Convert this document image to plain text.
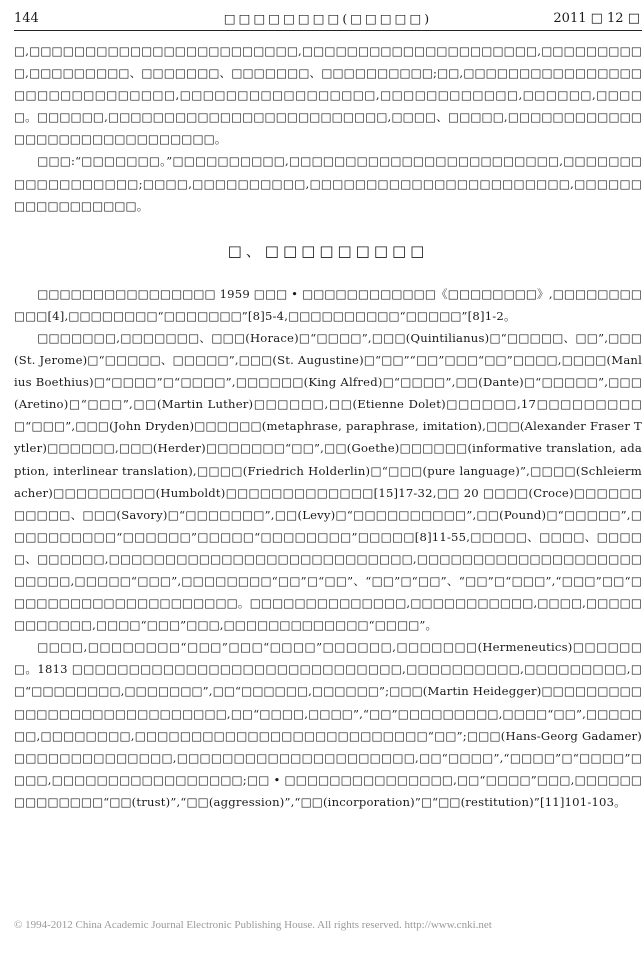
144	□□□□□□□□(□□□□□)	2011 □ 12 □

□,□□□□□□□□□□□□□□□□□□□□□□□□,□□□□□□□□□□□□□□□□□□□□□,□□□□□□□□□□,□□□□□□□□□、□□□□□□□、□□□□□□□、□□□□□□□□□□;□□,□□□□□□□□□□□□□□□□□□□□□□□□□□□□□□,□□□□□□□□□□□□□□□□□,□□□□□□□□□□□□,□□□□□□,□□□□□。□□□□□□,□□□□□□□□□□□□□□□□□□□□□□□□□,□□□□、□□□□□,□□□□□□□□□□□□□□□□□□□□□□□□□□□□□□。

□□□:“□□□□□□□。”□□□□□□□□□□,□□□□□□□□□□□□□□□□□□□□□□□□,□□□□□□□□□□□□□□□□□□;□□□□,□□□□□□□□□□,□□□□□□□□□□□□□□□□□□□□□□□,□□□□□□□□□□□□□□□□□。

□、□□□□□□□□□

□□□□□□□□□□□□□□□□ 1959 □□□ • □□□□□□□□□□□□《□□□□□□□□》,□□□□□□□□□□□[4],□□□□□□□□“□□□□□□□”[8]5-4,□□□□□□□□□□“□□□□□”[8]1-2。

□□□□□□□,□□□□□□□、□□□(Horace)□“□□□□”,□□□(Quintilianus)□“□□□□□、□□”,□□□(St. Jerome)□“□□□□□、□□□□□”,□□□(St. Augustine)□“□□”“□□”□□□“□□”□□□□,□□□□(Manlius Boethius)□“□□□□”□“□□□□”,□□□□□□(King Alfred)□“□□□□”,□□(Dante)□“□□□□□”,□□□(Aretino)□“□□□”,□□(Martin Luther)□□□□□□,□□(Etienne Dolet)□□□□□□,17□□□□□□□□□□“□□□”,□□□(John Dryden)□□□□□□(metaphrase, paraphrase, imitation),□□□(Alexander Fraser Tytler)□□□□□□,□□□(Herder)□□□□□□□“□□”,□□(Goethe)□□□□□□(informative translation, adaption, interlinear translation),□□□□(Friedrich Holderlin)□“□□□(pure language)”,□□□□(Schleiermacher)□□□□□□□□□(Humboldt)□□□□□□□□□□□□□[15]17-32,□□ 20 □□□□(Croce)□□□□□□□□□□□、□□□(Savory)□“□□□□□□□”,□□(Levy)□“□□□□□□□□□□”,□□(Pound)□“□□□□□”,□□□□□□□□□□“□□□□□□”□□□□□“□□□□□□□□”□□□□□[8]11-55,□□□□□、□□□□、□□□□□、□□□□□□,□□□□□□□□□□□□□□□□□□□□□□□□□□□,□□□□□□□□□□□□□□□□□□□□□□□□□,□□□□□“□□□”,□□□□□□□□“□□”□“□□”、“□□”□“□□”、“□□”□“□□□”,“□□□”□□“□□□□□□□□□□□□□□□□□□□□□。□□□□□□□□□□□□□□,□□□□□□□□□□□,□□□□,□□□□□□□□□□□□,□□□□“□□□”□□□,□□□□□□□□□□□□□“□□□□”。

□□□□,□□□□□□□□“□□□”□□□“□□□□”□□□□□□,□□□□□□□(Hermeneutics)□□□□□□□。1813 □□□□□□□□□□□□□□□□□□□□□□□□□□□□□,□□□□□□□□□□,□□□□□□□□□,□□“□□□□□□□□,□□□□□□□”,□□“□□□□□□,□□□□□□”;□□□(Martin Heidegger)□□□□□□□□□□□□□□□□□□□□□□□□□□□□,□□“□□□□,□□□□”,“□□”□□□□□□□□□,□□□□“□□”,□□□□□□□,□□□□□□□□,□□□□□□□□□□□□□□□□□□□□□□□□□□“□□”;□□□(Hans-Georg Gadamer)□□□□□□□□□□□□□□,□□□□□□□□□□□□□□□□□□□□□,□□“□□□□”,“□□□□”□“□□□□”□□□□,□□□□□□□□□□□□□□□□□;□□ • □□□□□□□□□□□□□□□,□□“□□□□”□□□,□□□□□□□□□□□□□□“□□(trust)”,“□□(aggression)”,“□□(incorporation)”□“□□(restitution)”[11]101-103。

© 1994-2012 China Academic Journal Electronic Publishing House. All rights reserved. http://www.cnki.net
